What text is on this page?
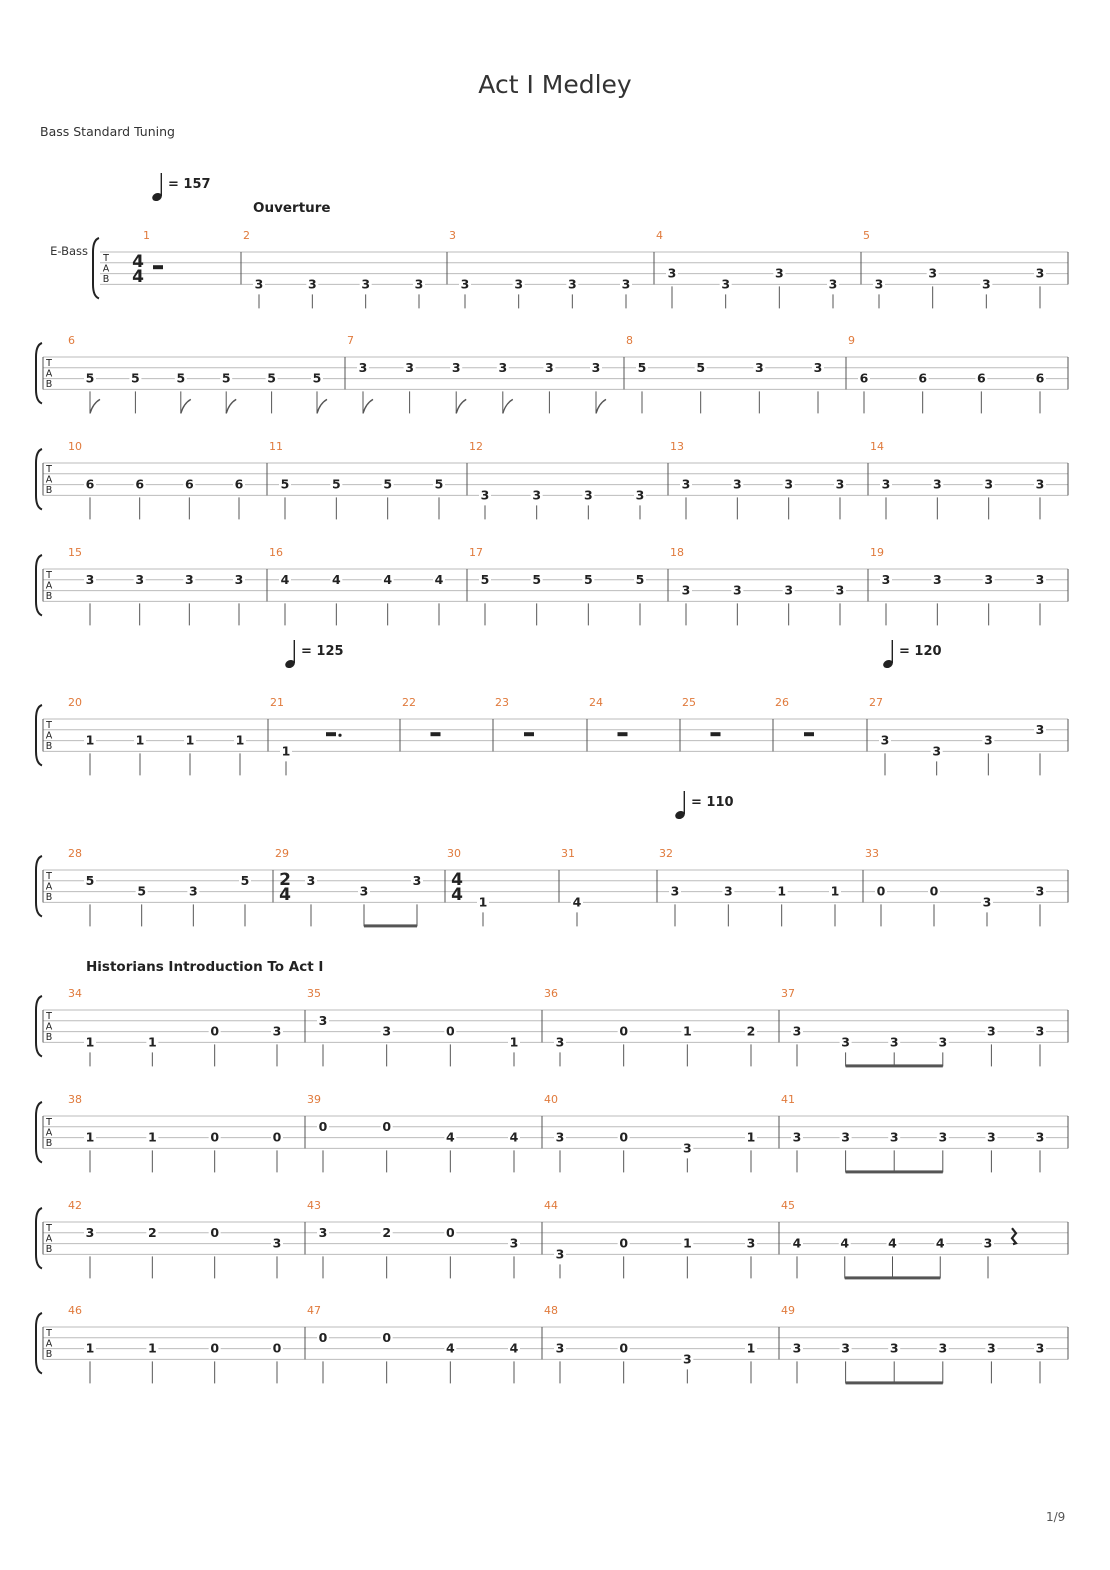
Act I Medley
Bass Standard Tuning
1/9
T
A
B
E-Bass
1
4
4
= 157
Ouverture
2
3	3	3	3
3
3	3	3	3
4
3
3
3
3
5
3
3
3
3
T
A
B
6
5	5	5	5	5	5
7
3	3	3	3	3	3
8
5	5	3	3
9
6	6	6	6
T
A
B
10
6	6	6	6
11
5	5	5	5
12
3	3	3	3
13
3	3	3	3
14
3	3	3	3
T
A
B
15
3	3	3	3
16
4	4	4	4
17
5	5	5	5
18
3	3	3	3
19
3	3	3	3
T
A
B
20
1	1	1	1
21
= 125
1
22	23	24	25	26	27
= 120
3
3
3
3
T
A
B
28
5
5	3
5
29
2
4
3
3
3
30
4
4 1
31
4
32
= 110
3	3	1	1
33
0	0
3
3
T
A
B
34
Historians Introduction To Act I
1	1
0	3
35
3
3	0
1
36
3
0	1	2
37
3
3	3	3
3	3
T
A
B
38
1	1	0	0
39
0	0
4	4
40
3	0
3
1
41
3	3	3	3	3	3
T
A
B
42
3	2	0
3
43
3	2	0
3
44
3
0	1	3
45
4	4	4	4	3
T
A
B
46
1	1	0	0
47
0	0
4	4
48
3	0
3
1
49
3	3	3	3	3	3
